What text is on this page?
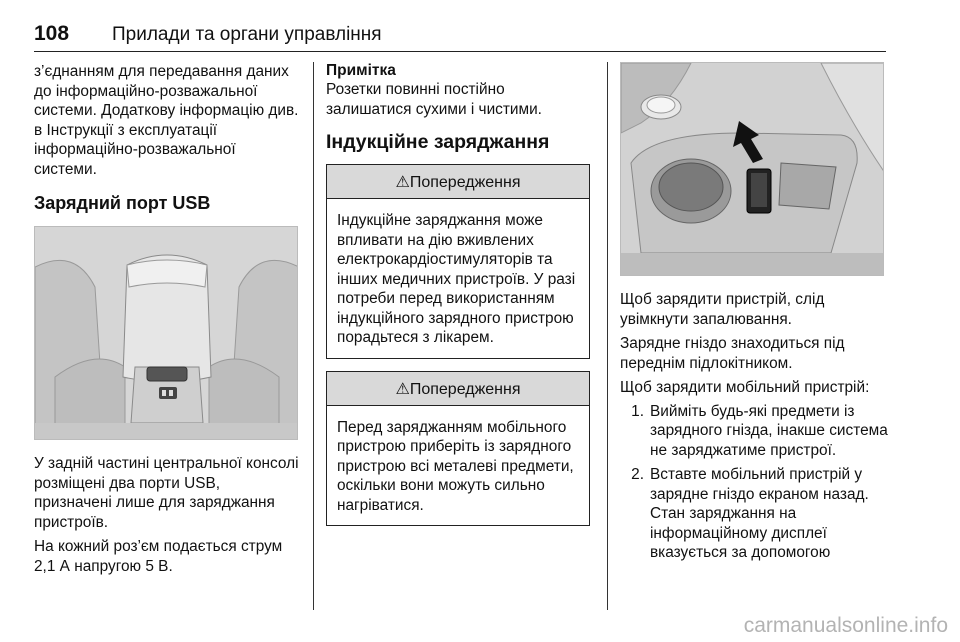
108 Прилади та органи управління

з’єднанням для передавання даних до інформаційно-розважальної системи. Додаткову інформацію див. в Інструкції з експлуатації інформаційно-розважальної системи.

Зарядний порт USB

У задній частині центральної консолі розміщені два порти USB, призначені лише для заряджання пристроїв.

На кожний роз’єм подається струм 2,1 А напругою 5 В.

Примітка

Розетки повинні постійно залишатися сухими і чистими.

Індукційне заряджання
⚠Попередження

Індукційне заряджання може впливати на дію вживлених електрокардіостимуляторів та інших медичних пристроїв. У разі потреби перед використанням індукційного зарядного пристрою порадьтеся з лікарем.

⚠Попередження

Перед заряджанням мобільного пристрою приберіть із зарядного пристрою всі металеві предмети, оскільки вони можуть сильно нагріватися.

Щоб зарядити пристрій, слід увімкнути запалювання.

Зарядне гніздо знаходиться під переднім підлокітником.

Щоб зарядити мобільний пристрій:

1. Вийміть будь-які предмети із зарядного гнізда, інакше система не заряджатиме пристрої.
2. Вставте мобільний пристрій у зарядне гніздо екраном назад. Стан заряджання на інформаційному дисплеї вказується за допомогою
carmanualsonline.info
